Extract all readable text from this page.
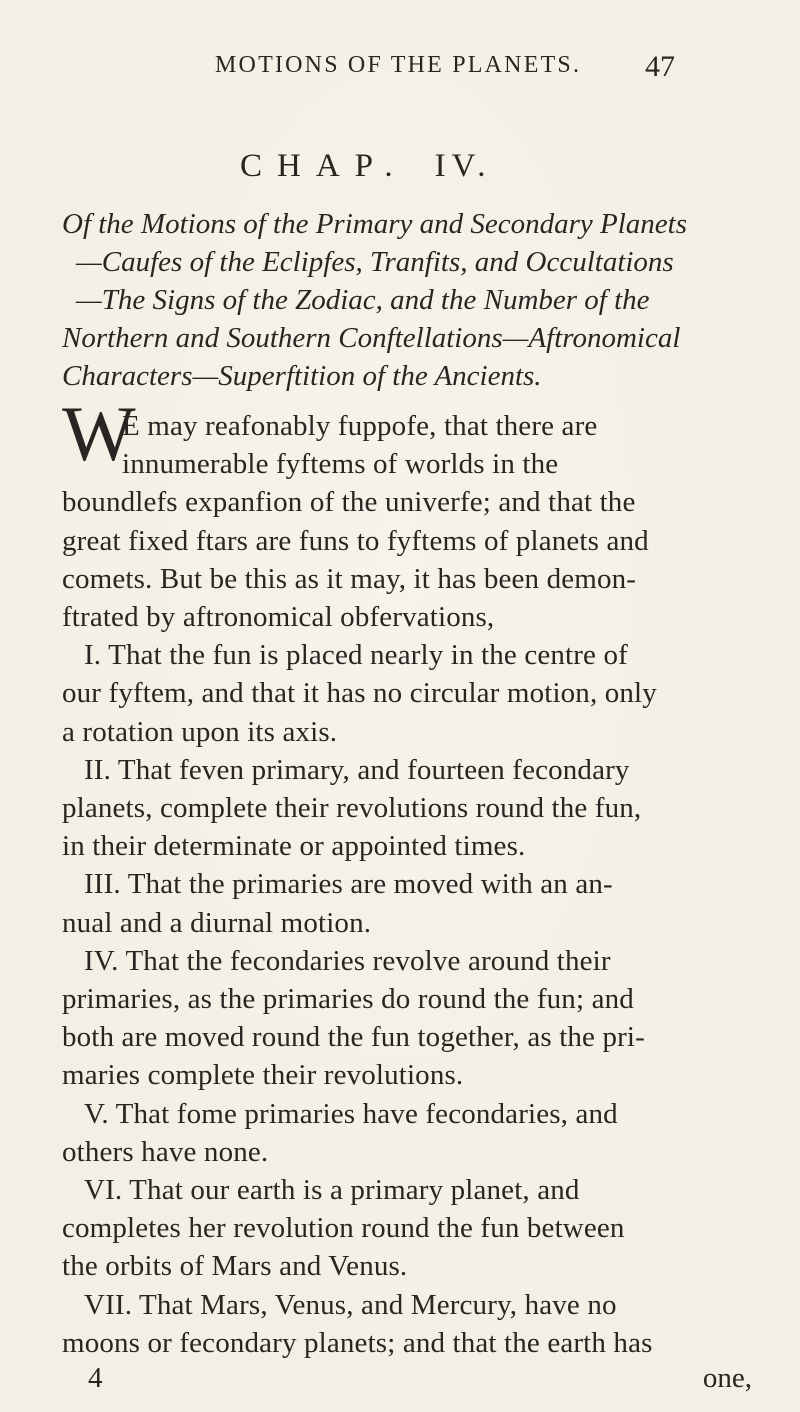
MOTIONS OF THE PLANETS. 47
CHAP. IV.
Of the Motions of the Primary and Secondary Planets
—Caufes of the Eclipfes, Tranfits, and Occultations
—The Signs of the Zodiac, and the Number of the
Northern and Southern Conftellations—Aftronomical
Characters—Superftition of the Ancients.
W
E may reafonably fuppofe, that there are
innumerable fyftems of worlds in the
boundlefs expanfion of the univerfe; and that the
great fixed ftars are funs to fyftems of planets and
comets. But be this as it may, it has been demon-
ftrated by aftronomical obfervations,
I. That the fun is placed nearly in the centre of
our fyftem, and that it has no circular motion, only
a rotation upon its axis.
II. That feven primary, and fourteen fecondary
planets, complete their revolutions round the fun,
in their determinate or appointed times.
III. That the primaries are moved with an an-
nual and a diurnal motion.
IV. That the fecondaries revolve around their
primaries, as the primaries do round the fun; and
both are moved round the fun together, as the pri-
maries complete their revolutions.
V. That fome primaries have fecondaries, and
others have none.
VI. That our earth is a primary planet, and
completes her revolution round the fun between
the orbits of Mars and Venus.
VII. That Mars, Venus, and Mercury, have no
moons or fecondary planets; and that the earth has
4	one,
